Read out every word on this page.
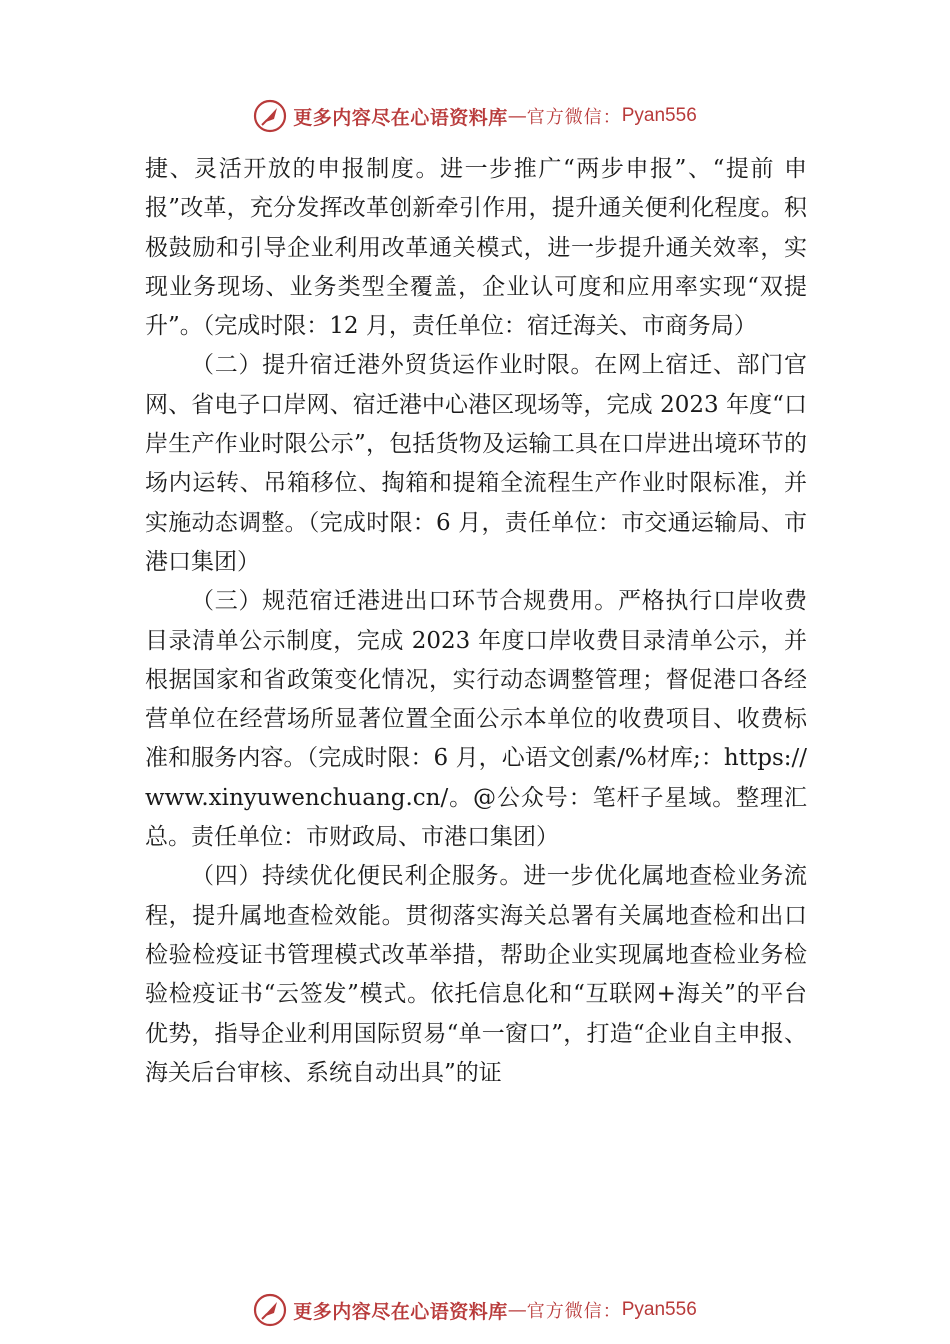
更多内容尽在心语资料库 — 官方微信： Pyan556

捷、灵活开放的申报制度。进一步推广“两步申报”、“提前 申报”改革，充分发挥改革创新牵引作用，提升通关便利化程度。积极鼓励和引导企业利用改革通关模式，进一步提升通关效率，实现业务现场、业务类型全覆盖，企业认可度和应用率实现“双提升”。（完成时限：12 月，责任单位：宿迁海关、市商务局）

（二）提升宿迁港外贸货运作业时限。在网上宿迁、部门官网、省电子口岸网、宿迁港中心港区现场等，完成 2023 年度“口岸生产作业时限公示”，包括货物及运输工具在口岸进出境环节的场内运转、吊箱移位、掏箱和提箱全流程生产作业时限标准，并实施动态调整。（完成时限：6 月，责任单位：市交通运输局、市港口集团）

（三）规范宿迁港进出口环节合规费用。严格执行口岸收费目录清单公示制度，完成 2023 年度口岸收费目录清单公示，并根据国家和省政策变化情况，实行动态调整管理；督促港口各经营单位在经营场所显著位置全面公示本单位的收费项目、收费标准和服务内容。（完成时限：6 月，心语文创素/%材库;：https://www.xinyuwenchuang.cn/。@公众号：笔杆子星域。整理汇总。责任单位：市财政局、市港口集团）

（四）持续优化便民利企服务。进一步优化属地查检业务流程，提升属地查检效能。贯彻落实海关总署有关属地查检和出口检验检疫证书管理模式改革举措，帮助企业实现属地查检业务检验检疫证书“云签发”模式。依托信息化和“互联网+海关”的平台优势，指导企业利用国际贸易“单一窗口”，打造“企业自主申报、海关后台审核、系统自动出具”的证

更多内容尽在心语资料库 — 官方微信： Pyan556
